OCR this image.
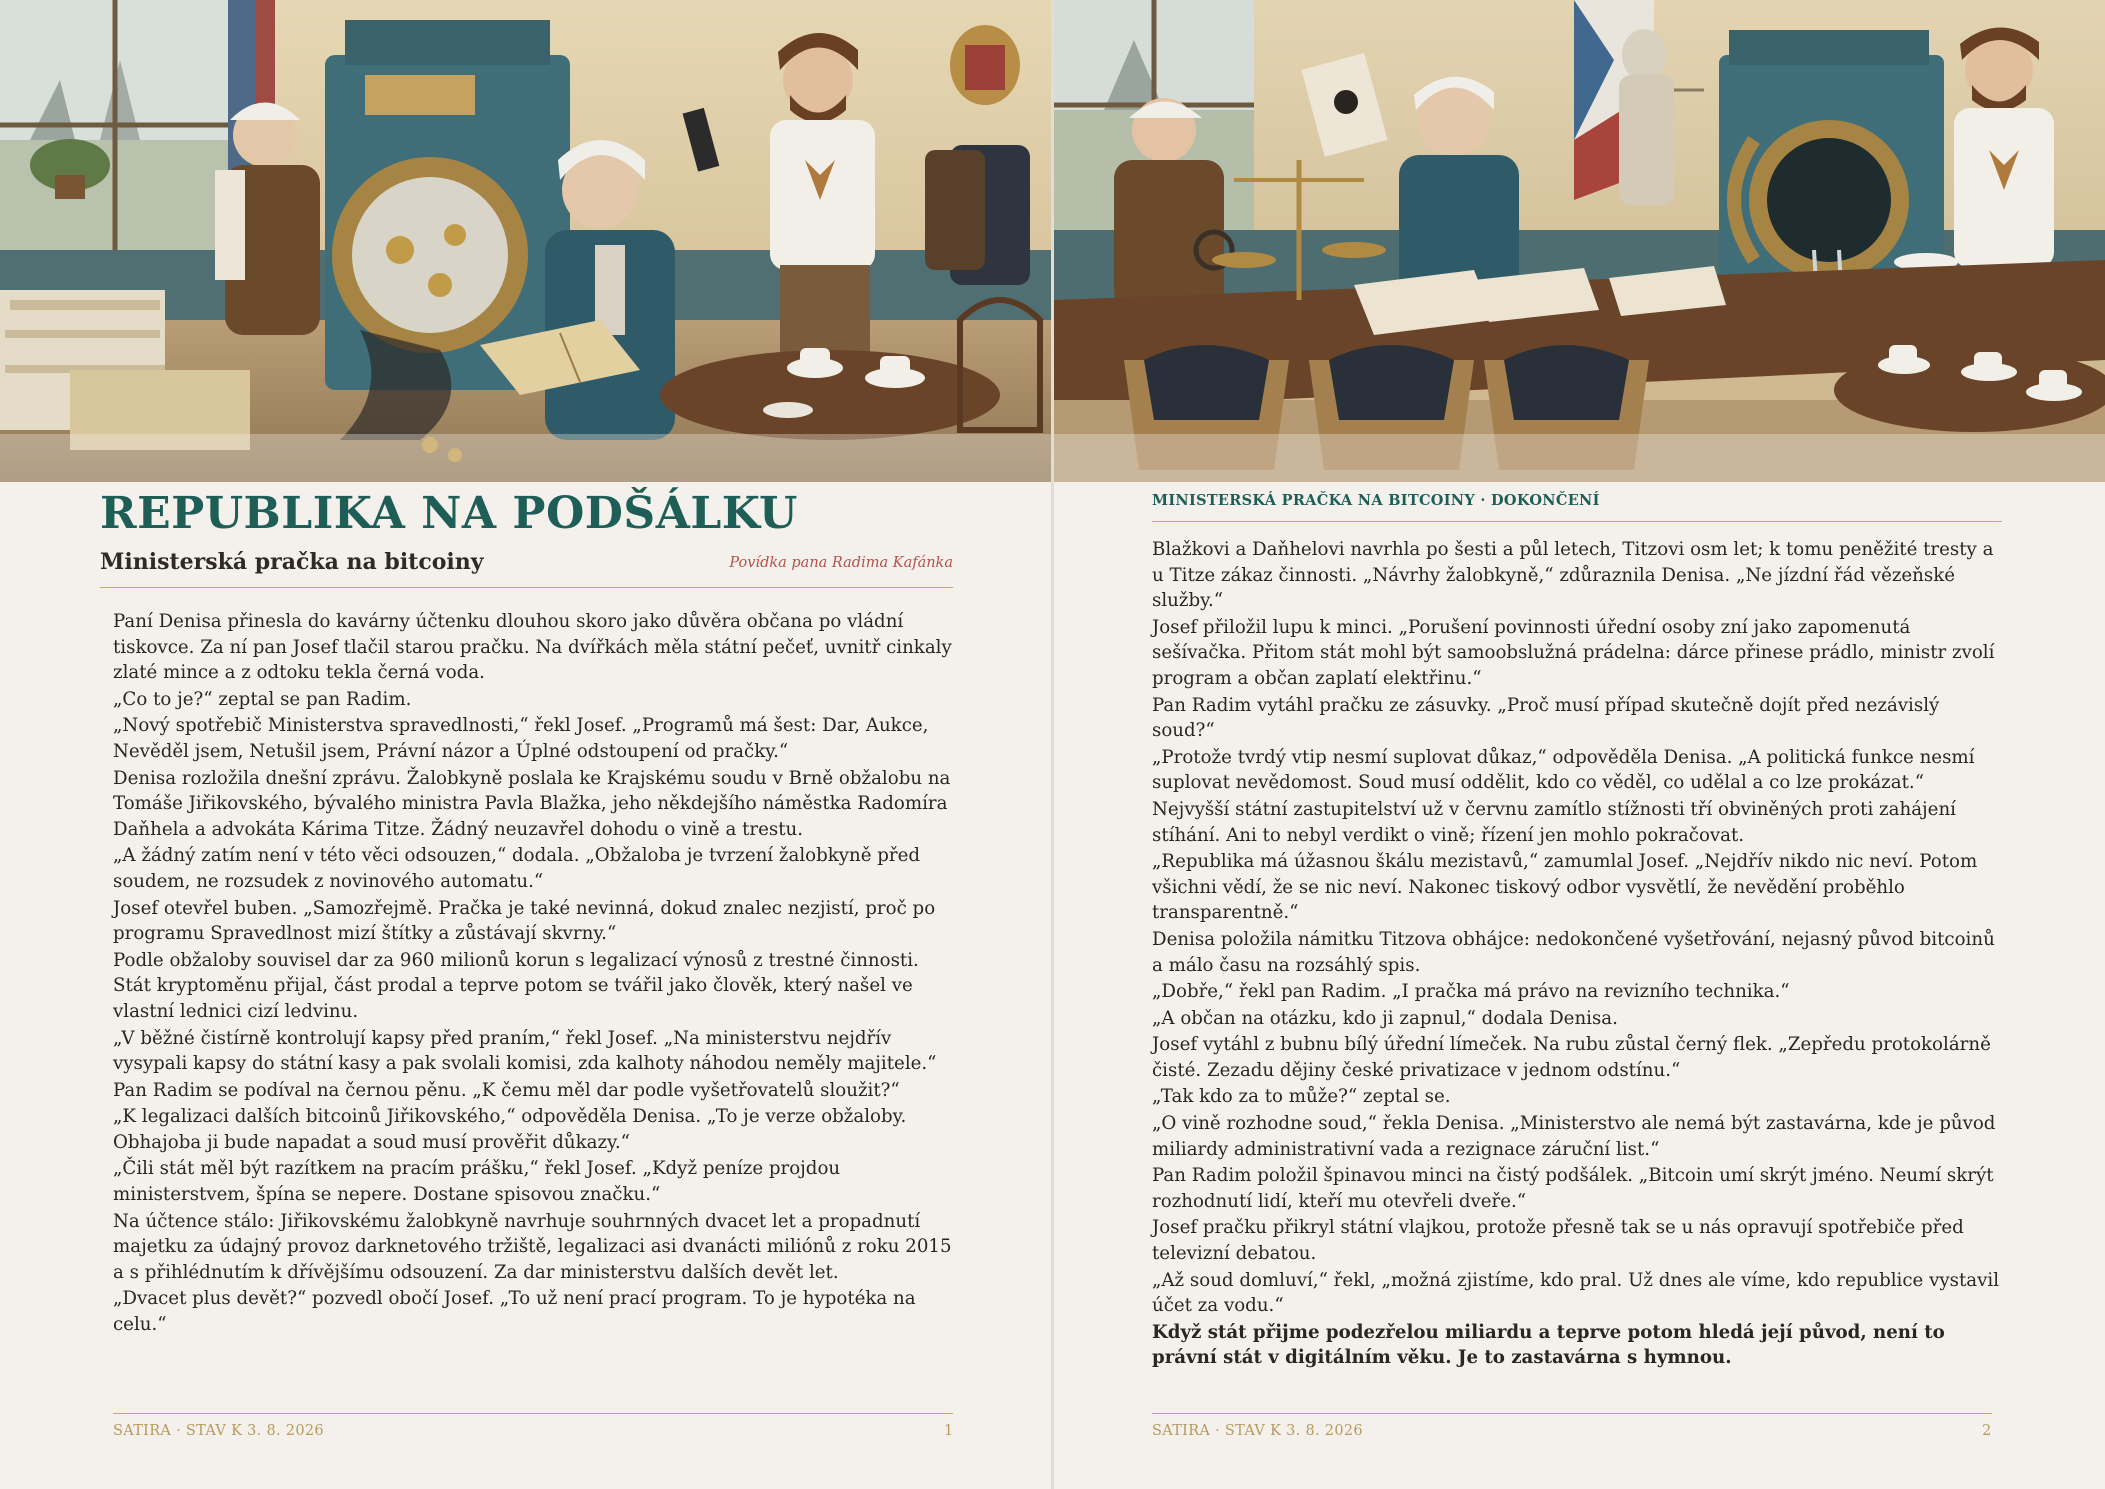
REPUBLIKA NA PODŠÁLKU
Ministerská pračka na bitcoiny	Povídka pana Radima Kafánka

Paní Denisa přinesla do kavárny účtenku dlouhou skoro jako důvěra občana po vládní tiskovce. Za ní pan Josef tlačil starou pračku. Na dvířkách měla státní pečeť, uvnitř cinkaly zlaté mince a z odtoku tekla černá voda.

„Co to je?“ zeptal se pan Radim.

„Nový spotřebič Ministerstva spravedlnosti,“ řekl Josef. „Programů má šest: Dar, Aukce, Nevěděl jsem, Netušil jsem, Právní názor a Úplné odstoupení od pračky.“

Denisa rozložila dnešní zprávu. Žalobkyně poslala ke Krajskému soudu v Brně obžalobu na Tomáše Jiřikovského, bývalého ministra Pavla Blažka, jeho někdejšího náměstka Radomíra Daňhela a advokáta Kárima Titze. Žádný neuzavřel dohodu o vině a trestu.

„A žádný zatím není v této věci odsouzen,“ dodala. „Obžaloba je tvrzení žalobkyně před soudem, ne rozsudek z novinového automatu.“

Josef otevřel buben. „Samozřejmě. Pračka je také nevinná, dokud znalec nezjistí, proč po programu Spravedlnost mizí štítky a zůstávají skvrny.“

Podle obžaloby souvisel dar za 960 milionů korun s legalizací výnosů z trestné činnosti. Stát kryptoměnu přijal, část prodal a teprve potom se tvářil jako člověk, který našel ve vlastní lednici cizí ledvinu.

„V běžné čistírně kontrolují kapsy před praním,“ řekl Josef. „Na ministerstvu nejdřív vysypali kapsy do státní kasy a pak svolali komisi, zda kalhoty náhodou neměly majitele.“

Pan Radim se podíval na černou pěnu. „K čemu měl dar podle vyšetřovatelů sloužit?“

„K legalizaci dalších bitcoinů Jiřikovského,“ odpověděla Denisa. „To je verze obžaloby. Obhajoba ji bude napadat a soud musí prověřit důkazy.“

„Čili stát měl být razítkem na pracím prášku,“ řekl Josef. „Když peníze projdou ministerstvem, špína se nepere. Dostane spisovou značku.“

Na účtence stálo: Jiřikovskému žalobkyně navrhuje souhrnných dvacet let a propadnutí majetku za údajný provoz darknetového tržiště, legalizaci asi dvanácti miliónů z roku 2015 a s přihlédnutím k dřívějšímu odsouzení. Za dar ministerstvu dalších devět let.

„Dvacet plus devět?“ pozvedl obočí Josef. „To už není prací program. To je hypotéka na celu.“

SATIRA · STAV K 3. 8. 2026	1
MINISTERSKÁ PRAČKA NA BITCOINY · DOKONČENÍ

Blažkovi a Daňhelovi navrhla po šesti a půl letech, Titzovi osm let; k tomu peněžité tresty a u Titze zákaz činnosti. „Návrhy žalobkyně,“ zdůraznila Denisa. „Ne jízdní řád vězeňské služby.“

Josef přiložil lupu k minci. „Porušení povinnosti úřední osoby zní jako zapomenutá sešívačka. Přitom stát mohl být samoobslužná prádelna: dárce přinese prádlo, ministr zvolí program a občan zaplatí elektřinu.“

Pan Radim vytáhl pračku ze zásuvky. „Proč musí případ skutečně dojít před nezávislý soud?“

„Protože tvrdý vtip nesmí suplovat důkaz,“ odpověděla Denisa. „A politická funkce nesmí suplovat nevědomost. Soud musí oddělit, kdo co věděl, co udělal a co lze prokázat.“

Nejvyšší státní zastupitelství už v červnu zamítlo stížnosti tří obviněných proti zahájení stíhání. Ani to nebyl verdikt o vině; řízení jen mohlo pokračovat.

„Republika má úžasnou škálu mezistavů,“ zamumlal Josef. „Nejdřív nikdo nic neví. Potom všichni vědí, že se nic neví. Nakonec tiskový odbor vysvětlí, že nevědění proběhlo transparentně.“

Denisa položila námitku Titzova obhájce: nedokončené vyšetřování, nejasný původ bitcoinů a málo času na rozsáhlý spis.

„Dobře,“ řekl pan Radim. „I pračka má právo na revizního technika.“

„A občan na otázku, kdo ji zapnul,“ dodala Denisa.

Josef vytáhl z bubnu bílý úřední límeček. Na rubu zůstal černý flek. „Zepředu protokolárně čisté. Zezadu dějiny české privatizace v jednom odstínu.“

„Tak kdo za to může?“ zeptal se.

„O vině rozhodne soud,“ řekla Denisa. „Ministerstvo ale nemá být zastavárna, kde je původ miliardy administrativní vada a rezignace záruční list.“

Pan Radim položil špinavou minci na čistý podšálek. „Bitcoin umí skrýt jméno. Neumí skrýt rozhodnutí lidí, kteří mu otevřeli dveře.“

Josef pračku přikryl státní vlajkou, protože přesně tak se u nás opravují spotřebiče před televizní debatou.

„Až soud domluví,“ řekl, „možná zjistíme, kdo pral. Už dnes ale víme, kdo republice vystavil účet za vodu.“

Když stát přijme podezřelou miliardu a teprve potom hledá její původ, není to právní stát v digitálním věku. Je to zastavárna s hymnou.

SATIRA · STAV K 3. 8. 2026	2
